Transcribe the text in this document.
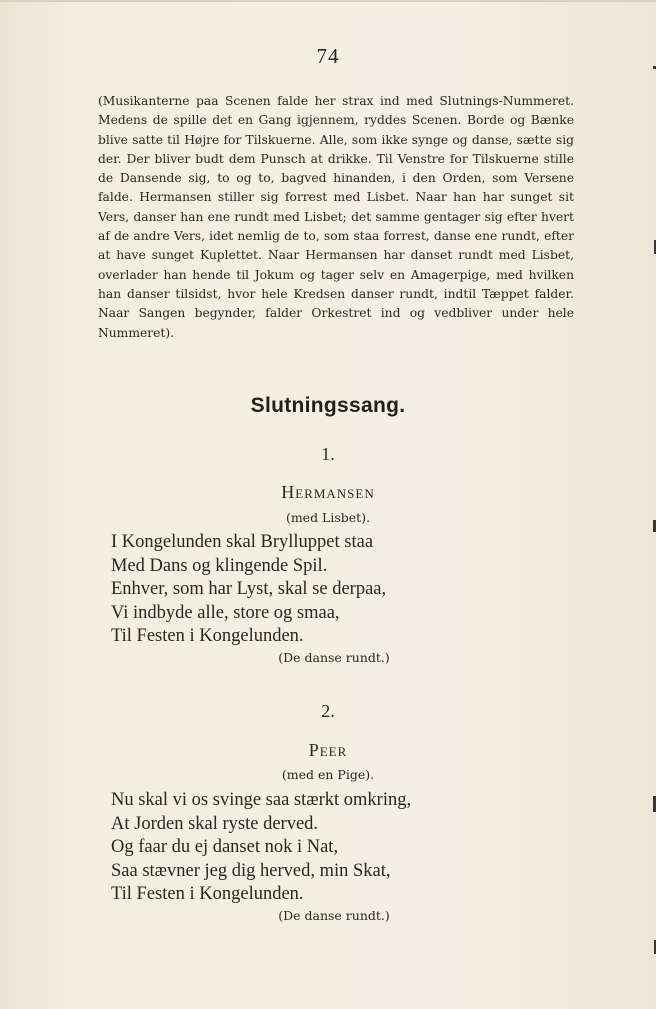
74
(Musikanterne paa Scenen falde her strax ind med Slutnings-Nummeret. Medens de spille det en Gang igjennem, ryddes Scenen. Borde og Bænke blive satte til Højre for Tilskuerne. Alle, som ikke synge og danse, sætte sig der. Der bliver budt dem Punsch at drikke. Til Venstre for Tilskuerne stille de Dansende sig, to og to, bagved hinanden, i den Orden, som Versene falde. Hermansen stiller sig forrest med Lisbet. Naar han har sunget sit Vers, danser han ene rundt med Lisbet; det samme gentager sig efter hvert af de andre Vers, idet nemlig de to, som staa forrest, danse ene rundt, efter at have sunget Kuplettet. Naar Hermansen har danset rundt med Lisbet, overlader han hende til Jokum og tager selv en Amagerpige, med hvilken han danser tilsidst, hvor hele Kredsen danser rundt, indtil Tæppet falder. Naar Sangen begynder, falder Orkestret ind og vedbliver under hele Nummeret).
Slutningssang.
1.
Hermansen
(med Lisbet).
I Kongelunden skal Brylluppet staa
Med Dans og klingende Spil.
Enhver, som har Lyst, skal se derpaa,
Vi indbyde alle, store og smaa,
Til Festen i Kongelunden.
(De danse rundt.)
2.
Peer
(med en Pige).
Nu skal vi os svinge saa stærkt omkring,
At Jorden skal ryste derved.
Og faar du ej danset nok i Nat,
Saa stævner jeg dig herved, min Skat,
Til Festen i Kongelunden.
(De danse rundt.)
